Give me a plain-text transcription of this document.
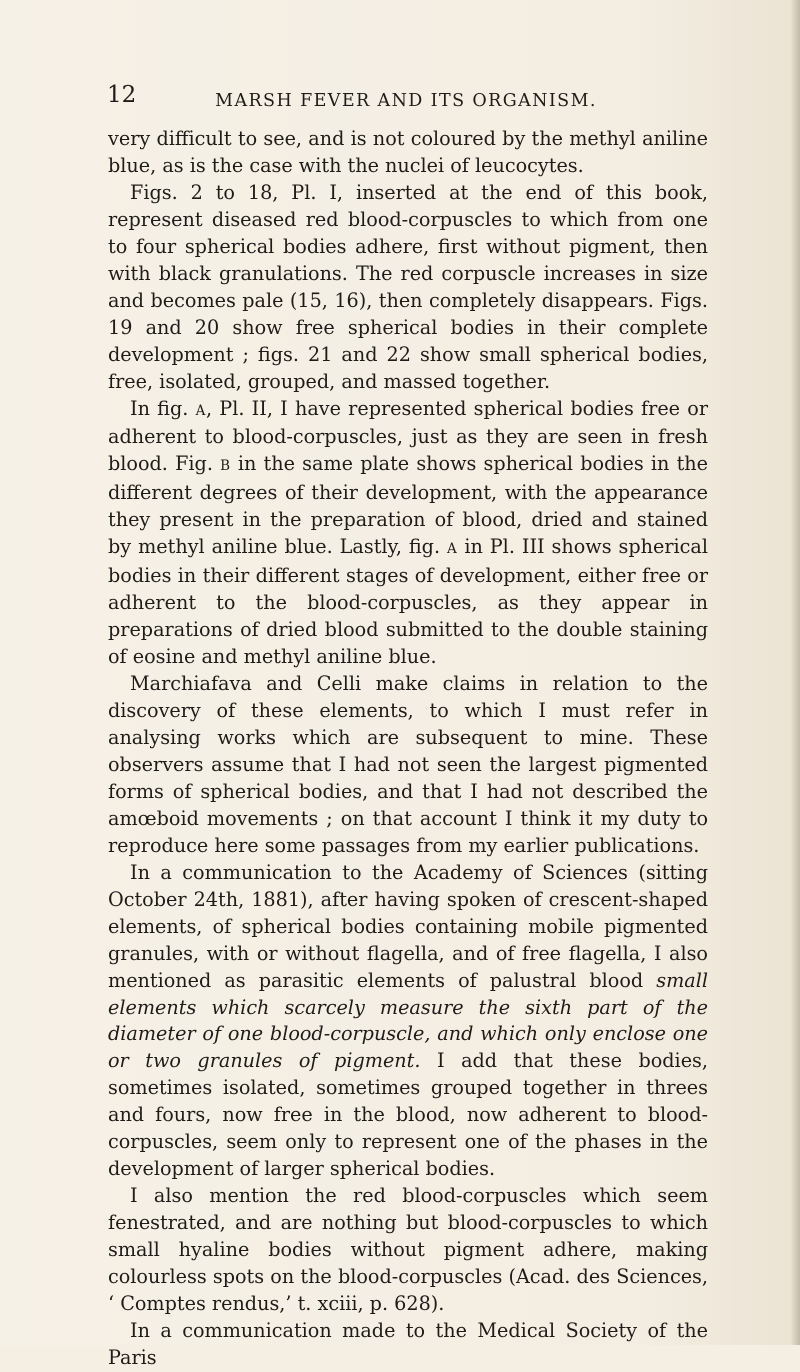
12	MARSH FEVER AND ITS ORGANISM.

very difficult to see, and is not coloured by the methyl aniline blue, as is the case with the nuclei of leucocytes.

Figs. 2 to 18, Pl. I, inserted at the end of this book, represent diseased red blood-corpuscles to which from one to four spherical bodies adhere, first without pigment, then with black granulations. The red corpuscle increases in size and becomes pale (15, 16), then completely disappears. Figs. 19 and 20 show free spherical bodies in their complete development ; figs. 21 and 22 show small spherical bodies, free, isolated, grouped, and massed together.

In fig. A, Pl. II, I have represented spherical bodies free or adherent to blood-corpuscles, just as they are seen in fresh blood. Fig. B in the same plate shows spherical bodies in the different degrees of their development, with the appearance they present in the preparation of blood, dried and stained by methyl aniline blue. Lastly, fig. A in Pl. III shows spherical bodies in their different stages of development, either free or adherent to the blood-corpuscles, as they appear in preparations of dried blood submitted to the double staining of eosine and methyl aniline blue.

Marchiafava and Celli make claims in relation to the discovery of these elements, to which I must refer in analysing works which are subsequent to mine. These observers assume that I had not seen the largest pigmented forms of spherical bodies, and that I had not described the amœboid movements ; on that account I think it my duty to reproduce here some passages from my earlier publications.

In a communication to the Academy of Sciences (sitting October 24th, 1881), after having spoken of crescent-shaped elements, of spherical bodies containing mobile pigmented granules, with or without flagella, and of free flagella, I also mentioned as parasitic elements of palustral blood small elements which scarcely measure the sixth part of the diameter of one blood-corpuscle, and which only enclose one or two granules of pigment. I add that these bodies, sometimes isolated, sometimes grouped together in threes and fours, now free in the blood, now adherent to blood-corpuscles, seem only to represent one of the phases in the development of larger spherical bodies.

I also mention the red blood-corpuscles which seem fenestrated, and are nothing but blood-corpuscles to which small hyaline bodies without pigment adhere, making colourless spots on the blood-corpuscles (Acad. des Sciences, ‘ Comptes rendus,’ t. xciii, p. 628).

In a communication made to the Medical Society of the Paris
